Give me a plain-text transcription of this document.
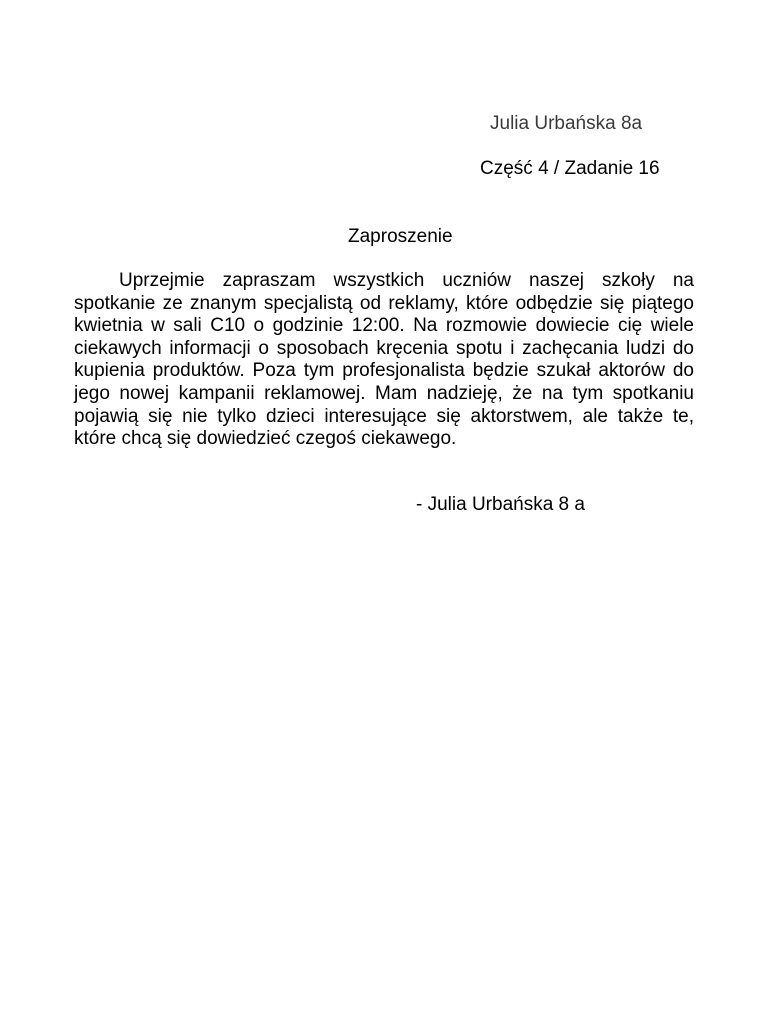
Julia Urbańska 8a
Część 4 / Zadanie 16
Zaproszenie

Uprzejmie zapraszam wszystkich uczniów naszej szkoły na spotkanie ze znanym specjalistą od reklamy, które odbędzie się piątego kwietnia w sali C10 o godzinie 12:00. Na rozmowie dowiecie cię wiele ciekawych informacji o sposobach kręcenia spotu i zachęcania ludzi do kupienia produktów. Poza tym profesjonalista będzie szukał aktorów do jego nowej kampanii reklamowej. Mam nadzieję, że na tym spotkaniu pojawią się nie tylko dzieci interesujące się aktorstwem, ale także te, które chcą się dowiedzieć czegoś ciekawego.

- Julia Urbańska 8 a
